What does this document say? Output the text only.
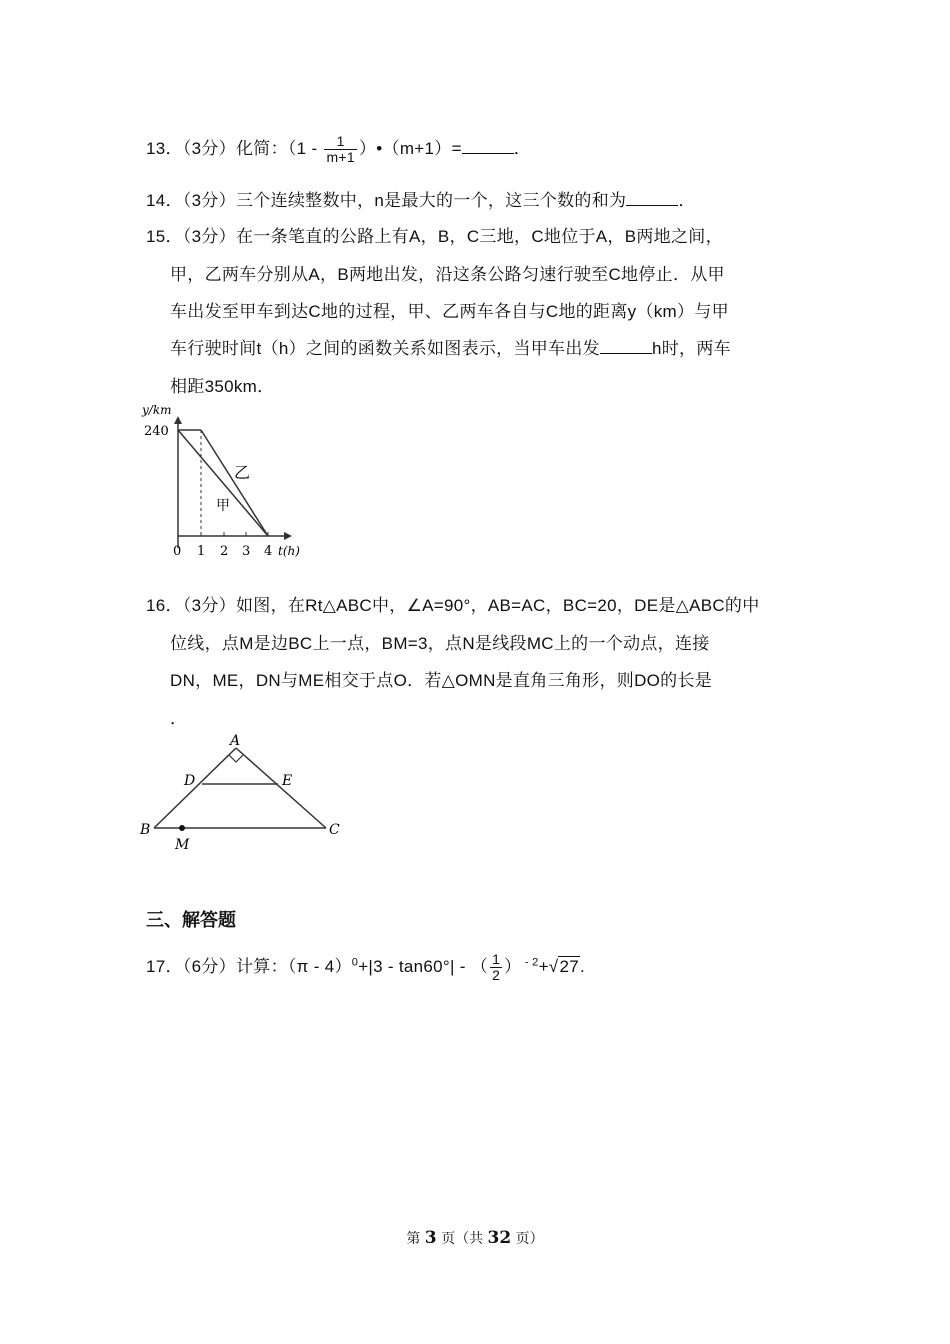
13．（3分）化简：（$1 - \frac{1}{m+1}$ ）•（m+1）=	．
14．（3分）三个连续整数中，n是最大的一个，这三个数的和为	．
15．（3分）在一条笔直的公路上有A，B，C三地，C地位于A，B两地之间，
甲，乙两车分别从A，B两地出发，沿这条公路匀速行驶至C地停止．从甲
车出发至甲车到达C地的过程，甲、乙两车各自与C地的距离y（km）与甲
车行驶时间t（h）之间的函数关系如图表示，当甲车出发	h时，两车
相距350km．
y/km
240
0 1 2 3 4 t(h)
乙
甲
16．（3分）如图，在Rt△ABC中，∠A=90°，AB=AC，BC=20，DE是△ABC的中
位线，点M是边BC上一点，BM=3，点N是线段MC上的一个动点，连接
DN，ME，DN与ME相交于点O．若△OMN是直角三角形，则DO的长是
．
A
D	E
B	C
M
三、解答题
17．（6分）计算：（π - 4）$^0$+|3 - tan60°| - （ $\frac{1}{2}$ ） $^{- 2}$+√27.
第 3 页（共 32 页）
